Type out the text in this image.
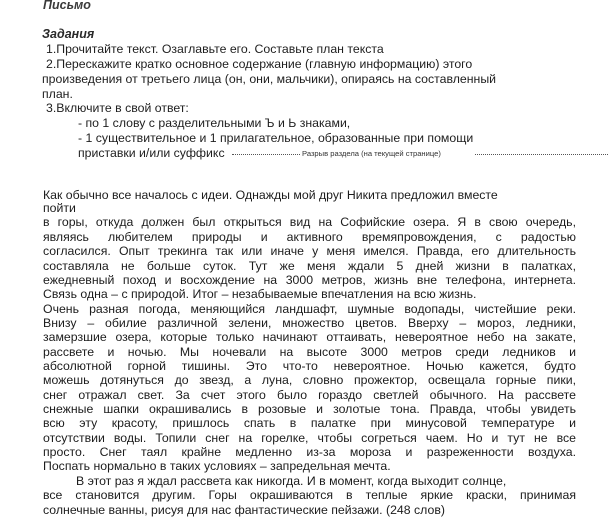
Письмо
Задания
1.Прочитайте текст. Озаглавьте его. Составьте план текста
2.Перескажите кратко основное содержание (главную информацию) этого
произведения от третьего лица (он, они, мальчики), опираясь на составленный
план.
3.Включите в свой ответ:
- по 1 слову с разделительными Ъ и Ь знаками,
- 1 существительное и 1 прилагательное, образованные при помощи
приставки и/или суффикс	Разрыв раздела (на текущей странице)
Как обычно все началось с идеи. Однажды мой друг Никита предложил вместе
пойти
в горы, откуда должен был открыться вид на Софийские озера. Я в свою очередь,
являясь любителем природы и активного времяпровождения, с радостью
согласился. Опыт трекинга так или иначе у меня имелся. Правда, его длительность
составляла не больше суток. Тут же меня ждали 5 дней жизни в палатках,
ежедневный поход и восхождение на 3000 метров, жизнь вне телефона, интернета.
Связь одна – с природой. Итог – незабываемые впечатления на всю жизнь.
Очень разная погода, меняющийся ландшафт, шумные водопады, чистейшие реки.
Внизу – обилие различной зелени, множество цветов. Вверху – мороз, ледники,
замерзшие озера, которые только начинают оттаивать, невероятное небо на закате,
рассвете и ночью. Мы ночевали на высоте 3000 метров среди ледников и
абсолютной горной тишины. Это что-то невероятное. Ночью кажется, будто
можешь дотянуться до звезд, а луна, словно прожектор, освещала горные пики,
снег отражал свет. За счет этого было гораздо светлей обычного. На рассвете
снежные шапки окрашивались в розовые и золотые тона. Правда, чтобы увидеть
всю эту красоту, пришлось спать в палатке при минусовой температуре и
отсутствии воды. Топили снег на горелке, чтобы согреться чаем. Но и тут не все
просто. Снег таял крайне медленно из-за мороза и разреженности воздуха.
Поспать нормально в таких условиях – запредельная мечта.
В этот раз я ждал рассвета как никогда. И в момент, когда выходит солнце,
все становится другим. Горы окрашиваются в теплые яркие краски, принимая
солнечные ванны, рисуя для нас фантастические пейзажи. (248 слов)
